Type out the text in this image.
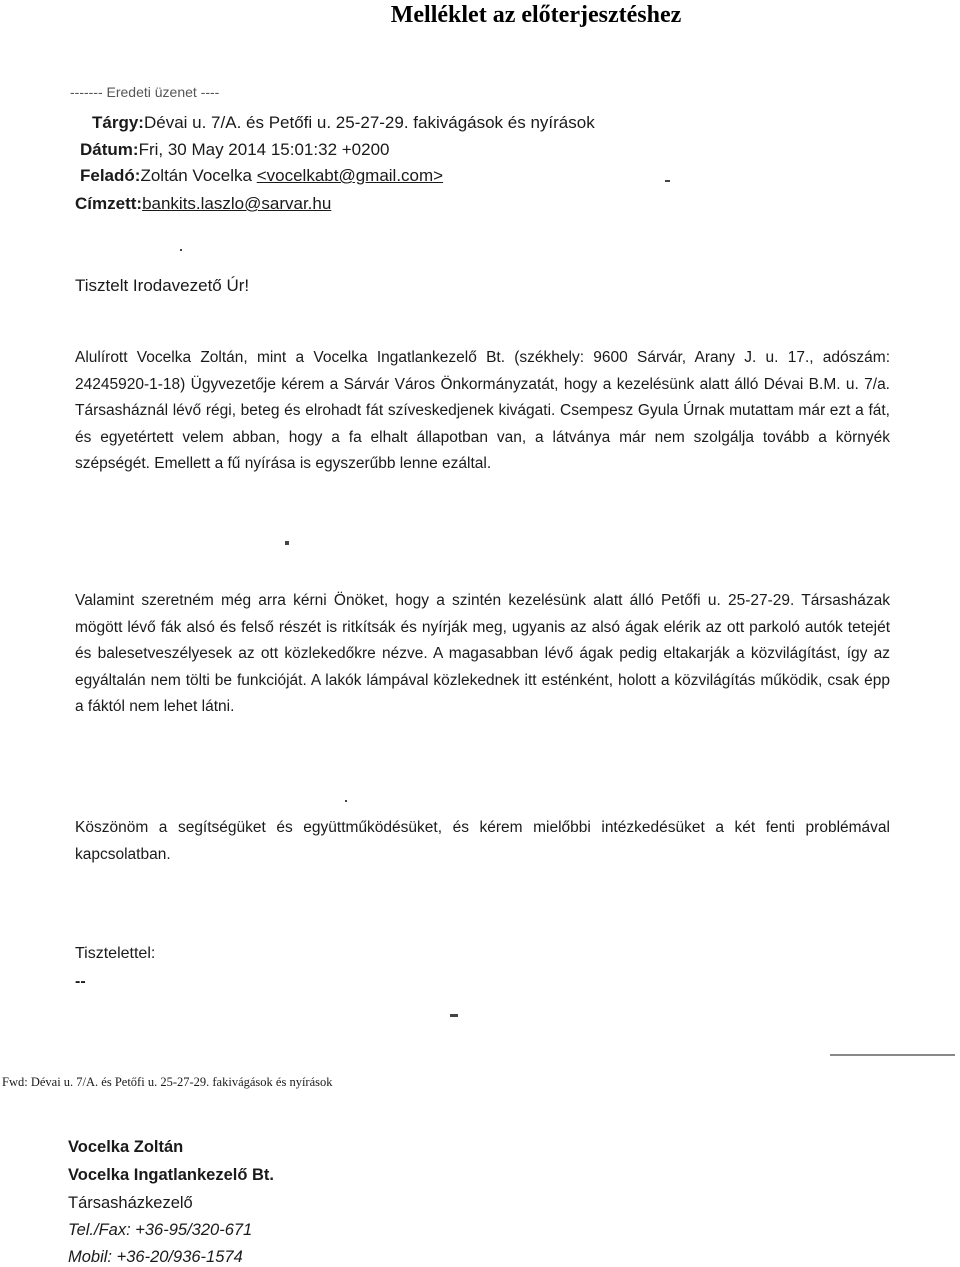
Melléklet az előterjesztéshez
------- Eredeti üzenet ----
Tárgy:Dévai u. 7/A. és Petőfi u. 25-27-29. fakivágások és nyírások
Dátum:Fri, 30 May 2014 15:01:32 +0200
Feladó:Zoltán Vocelka <vocelkabt@gmail.com>
Címzett:bankits.laszlo@sarvar.hu
Tisztelt Irodavezető Úr!
Alulírott Vocelka Zoltán, mint a Vocelka Ingatlankezelő Bt. (székhely: 9600 Sárvár, Arany J. u. 17., adószám: 24245920-1-18) Ügyvezetője kérem a Sárvár Város Önkormányzatát, hogy a kezelésünk alatt álló Dévai B.M. u. 7/a. Társasháznál lévő régi, beteg és elrohadt fát szíveskedjenek kivágati. Csempesz Gyula Úrnak mutattam már ezt a fát, és egyetértett velem abban, hogy a fa elhalt állapotban van, a látványa már nem szolgálja tovább a környék szépségét. Emellett a fű nyírása is egyszerűbb lenne ezáltal.
Valamint szeretném még arra kérni Önöket, hogy a szintén kezelésünk alatt álló Petőfi u. 25-27-29. Társasházak mögött lévő fák alsó és felső részét is ritkítsák és nyírják meg, ugyanis az alsó ágak elérik az ott parkoló autók tetejét és balesetveszélyesek az ott közlekedőkre nézve. A magasabban lévő ágak pedig eltakarják a közvilágítást, így az egyáltalán nem tölti be funkcióját. A lakók lámpával közlekednek itt esténként, holott a közvilágítás működik, csak épp a fáktól nem lehet látni.
Köszönöm a segítségüket és együttműködésüket, és kérem mielőbbi intézkedésüket a két fenti problémával kapcsolatban.
Tisztelettel:
--
Fwd: Dévai u. 7/A. és Petőfi u. 25-27-29. fakivágások és nyírások
Vocelka Zoltán
Vocelka Ingatlankezelő Bt.
Társasházkezelő
Tel./Fax: +36-95/320-671
Mobil: +36-20/936-1574
